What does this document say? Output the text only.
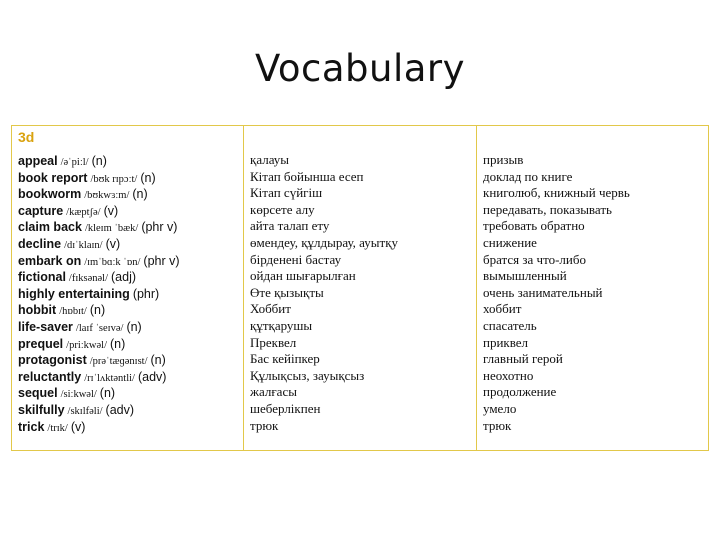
Vocabulary
3d
appeal /əˈpiːl/ (n)
book report /bʊk rɪpɔːt/ (n)
bookworm /bʊkwɜːm/ (n)
capture /kæptʃə/ (v)
claim back /kleɪm ˈbæk/ (phr v)
decline /dɪˈklaɪn/ (v)
embark on /ɪmˈbɑːk ˈɒn/ (phr v)
fictional /fɪksənəl/ (adj)
highly entertaining (phr)
hobbit /hɒbɪt/ (n)
life-saver /laɪf ˈseɪvə/ (n)
prequel /priːkwəl/ (n)
protagonist /prəˈtæɡənɪst/ (n)
reluctantly /rɪˈlʌktəntli/ (adv)
sequel /siːkwəl/ (n)
skilfully /skɪlfəli/ (adv)
trick /trɪk/ (v)
қалауы
Кітап бойынша есеп
Кітап сүйгіш
көрсете алу
айта талап ету
өмендеу, құлдырау, ауытқу
бірдененi бастау
ойдан шығарылған
Өте қызықты
Хоббит
құтқарушы
Преквел
Бас кейіпкер
Құлықсыз, зауықсыз
жалғасы
шеберлікпен
трюк
призыв
доклад по книге
книголюб, книжный червь
передавать, показывать
требовать обратно
снижение
братся за что-либо
вымышленный
очень занимательный
хоббит
спасатель
приквел
главный герой
неохотно
продолжение
умело
трюк
